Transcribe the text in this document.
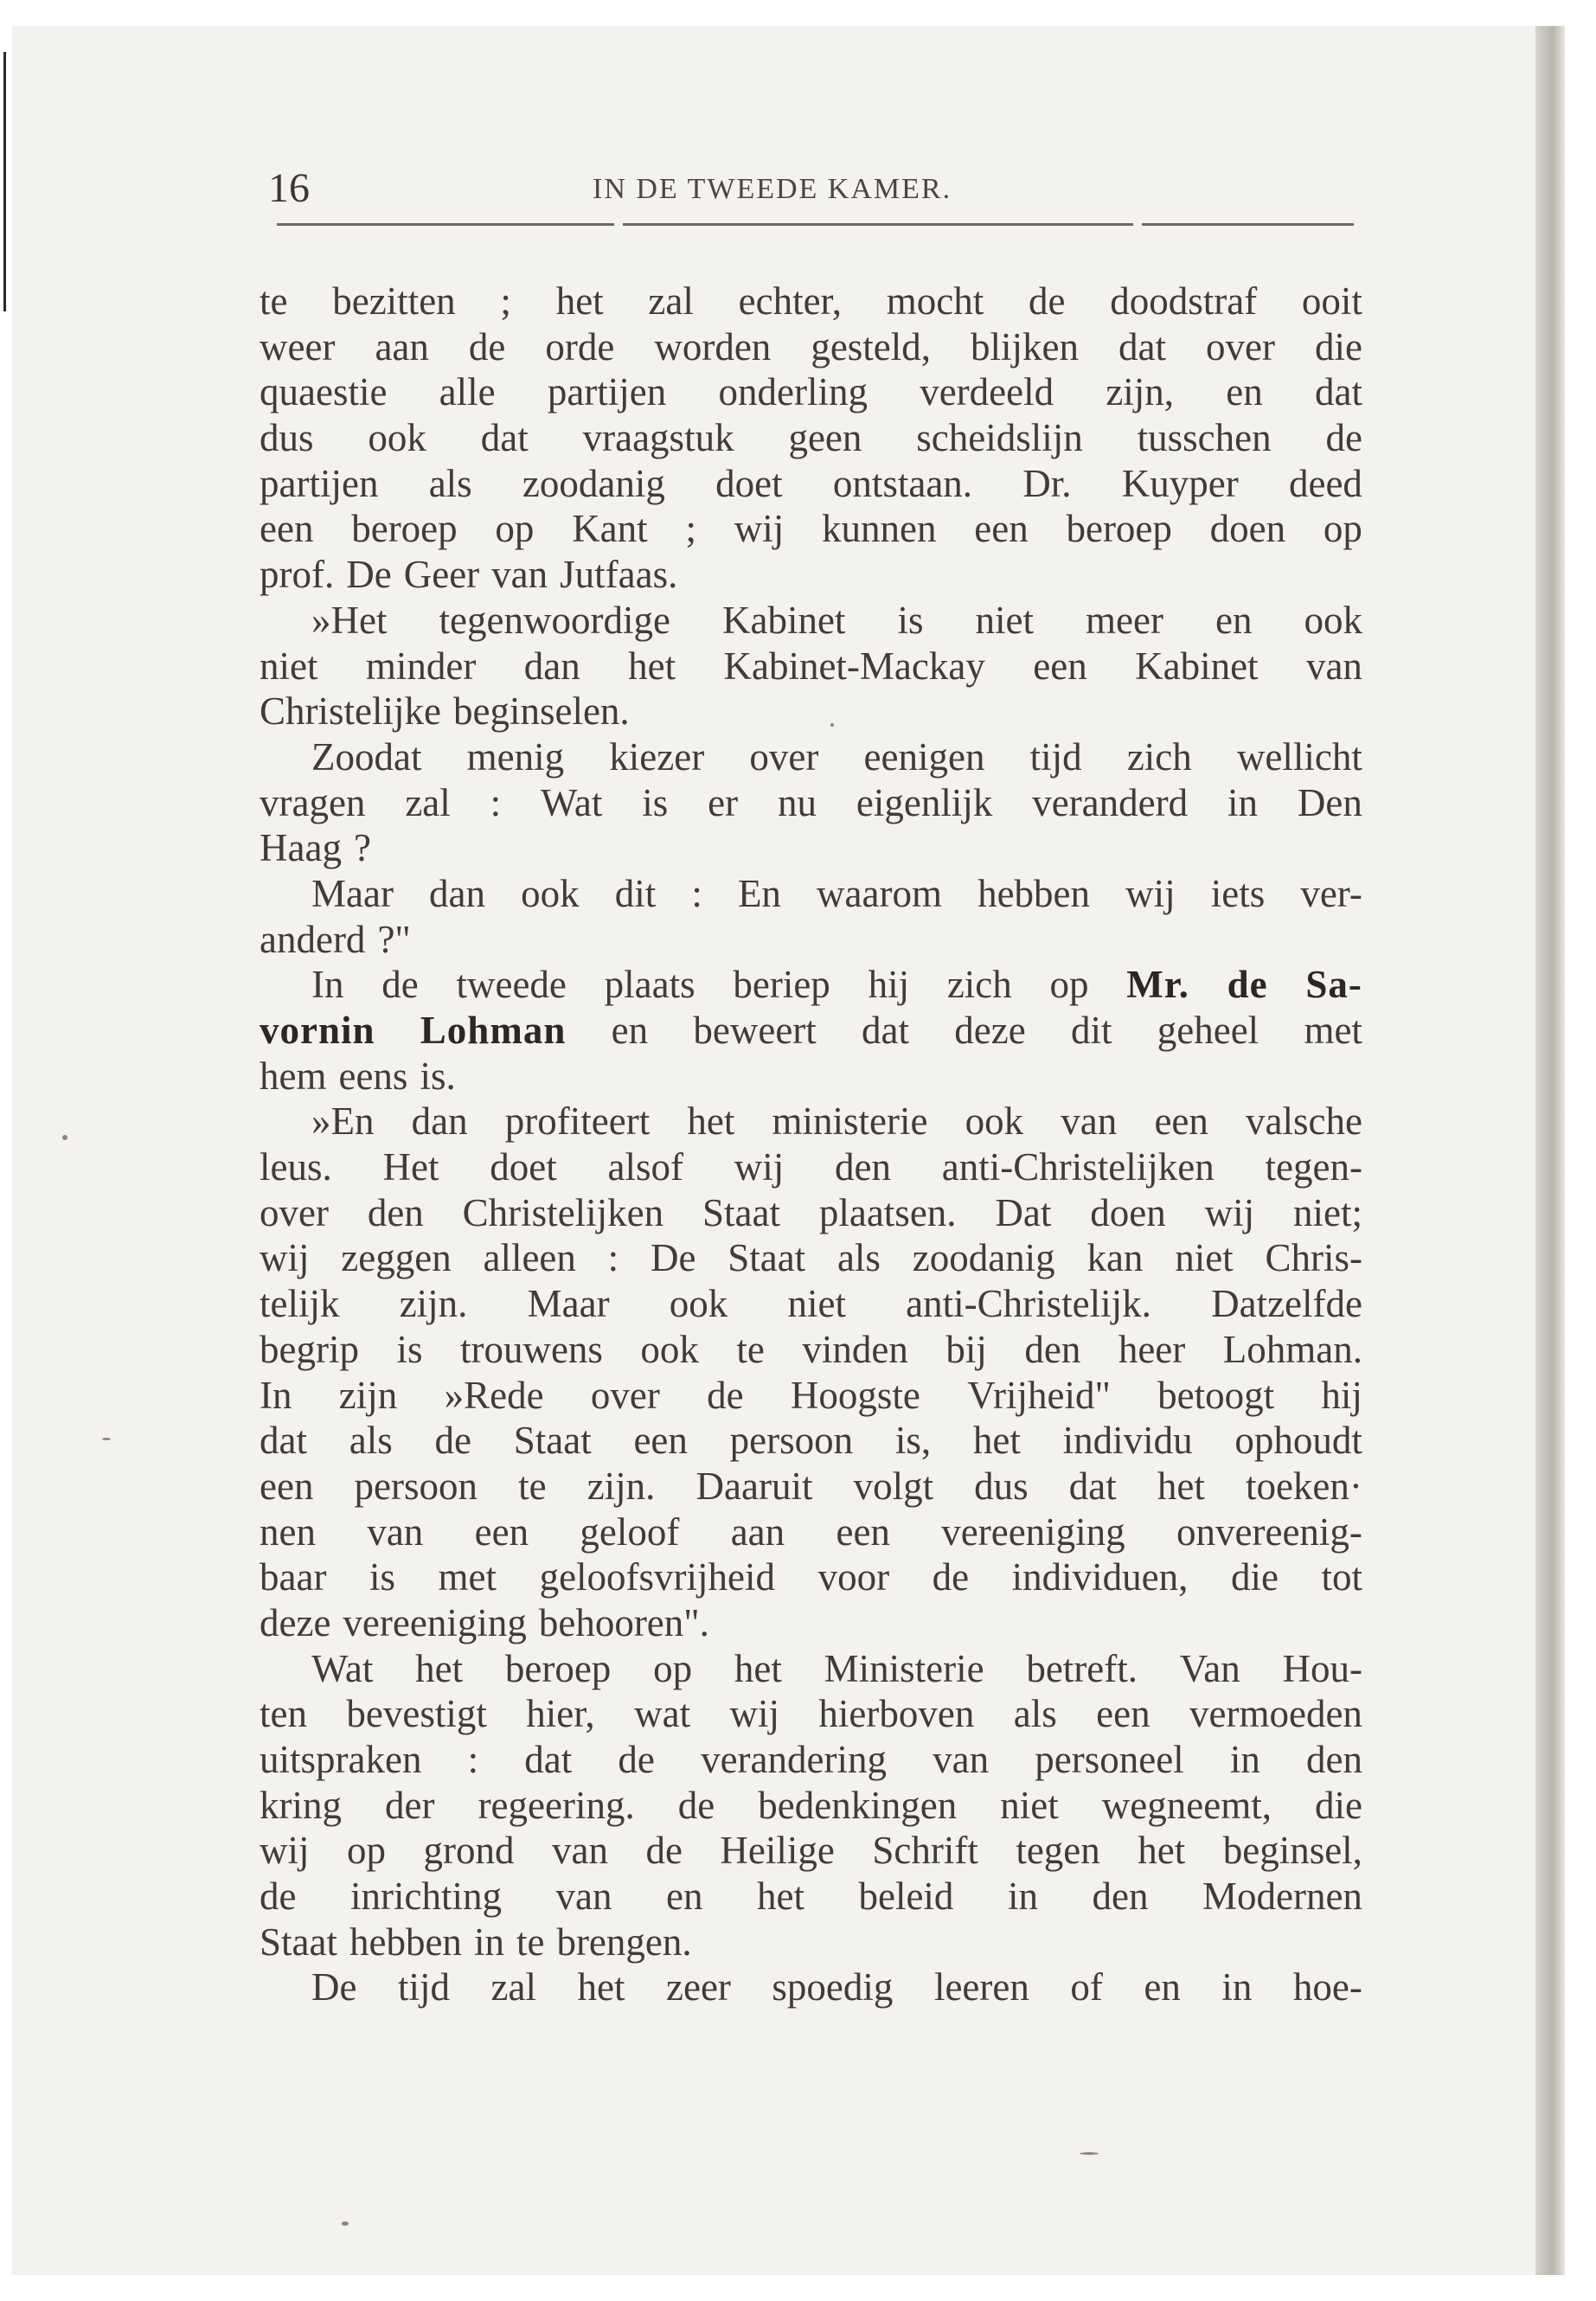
16	IN DE TWEEDE KAMER.
te bezitten ; het zal echter, mocht de doodstraf ooit
weer aan de orde worden gesteld, blijken dat over die
quaestie alle partijen onderling verdeeld zijn, en dat
dus ook dat vraagstuk geen scheidslijn tusschen de
partijen als zoodanig doet ontstaan. Dr. Kuyper deed
een beroep op Kant ; wij kunnen een beroep doen op
prof. De Geer van Jutfaas.
»Het tegenwoordige Kabinet is niet meer en ook
niet minder dan het Kabinet-Mackay een Kabinet van
Christelijke beginselen.
Zoodat menig kiezer over eenigen tijd zich wellicht
vragen zal : Wat is er nu eigenlijk veranderd in Den
Haag ?
Maar dan ook dit : En waarom hebben wij iets ver-
anderd ?"
In de tweede plaats beriep hij zich op Mr. de Sa-
vornin Lohman en beweert dat deze dit geheel met
hem eens is.
»En dan profiteert het ministerie ook van een valsche
leus. Het doet alsof wij den anti-Christelijken tegen-
over den Christelijken Staat plaatsen. Dat doen wij niet;
wij zeggen alleen : De Staat als zoodanig kan niet Chris-
telijk zijn. Maar ook niet anti-Christelijk. Datzelfde
begrip is trouwens ook te vinden bij den heer Lohman.
In zijn »Rede over de Hoogste Vrijheid" betoogt hij
dat als de Staat een persoon is, het individu ophoudt
een persoon te zijn. Daaruit volgt dus dat het toeken·
nen van een geloof aan een vereeniging onvereenig-
baar is met geloofsvrijheid voor de individuen, die tot
deze vereeniging behooren".
Wat het beroep op het Ministerie betreft. Van Hou-
ten bevestigt hier, wat wij hierboven als een vermoeden
uitspraken : dat de verandering van personeel in den
kring der regeering. de bedenkingen niet wegneemt, die
wij op grond van de Heilige Schrift tegen het beginsel,
de inrichting van en het beleid in den Modernen
Staat hebben in te brengen.
De tijd zal het zeer spoedig leeren of en in hoe-
